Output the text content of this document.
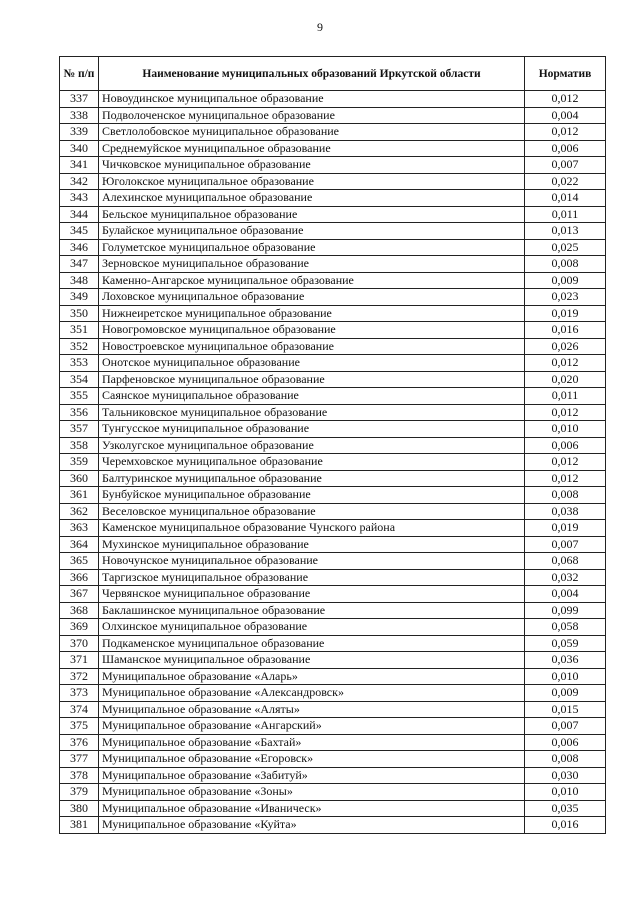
9
№ п/п	Наименование муниципальных образований Иркутской области	Норматив
337	Новоудинское муниципальное образование	0,012
338	Подволоченское муниципальное образование	0,004
339	Светлолобовское муниципальное образование	0,012
340	Среднемуйское муниципальное образование	0,006
341	Чичковское муниципальное образование	0,007
342	Юголокское муниципальное образование	0,022
343	Алехинское муниципальное образование	0,014
344	Бельское муниципальное образование	0,011
345	Булайское муниципальное образование	0,013
346	Голуметское муниципальное образование	0,025
347	Зерновское муниципальное образование	0,008
348	Каменно-Ангарское муниципальное образование	0,009
349	Лоховское муниципальное образование	0,023
350	Нижнеиретское муниципальное образование	0,019
351	Новогромовское муниципальное образование	0,016
352	Новостроевское муниципальное образование	0,026
353	Онотское муниципальное образование	0,012
354	Парфеновское муниципальное образование	0,020
355	Саянское муниципальное образование	0,011
356	Тальниковское муниципальное образование	0,012
357	Тунгусское муниципальное образование	0,010
358	Узколугское муниципальное образование	0,006
359	Черемховское муниципальное образование	0,012
360	Балтуринское муниципальное образование	0,012
361	Бунбуйское муниципальное образование	0,008
362	Веселовское муниципальное образование	0,038
363	Каменское муниципальное образование Чунского района	0,019
364	Мухинское муниципальное образование	0,007
365	Новочунское муниципальное образование	0,068
366	Таргизское муниципальное образование	0,032
367	Червянское муниципальное образование	0,004
368	Баклашинское муниципальное образование	0,099
369	Олхинское муниципальное образование	0,058
370	Подкаменское муниципальное образование	0,059
371	Шаманское муниципальное образование	0,036
372	Муниципальное образование «Аларь»	0,010
373	Муниципальное образование «Александровск»	0,009
374	Муниципальное образование «Аляты»	0,015
375	Муниципальное образование «Ангарский»	0,007
376	Муниципальное образование «Бахтай»	0,006
377	Муниципальное образование «Егоровск»	0,008
378	Муниципальное образование «Забитуй»	0,030
379	Муниципальное образование «Зоны»	0,010
380	Муниципальное образование «Иваническ»	0,035
381	Муниципальное образование «Куйта»	0,016
